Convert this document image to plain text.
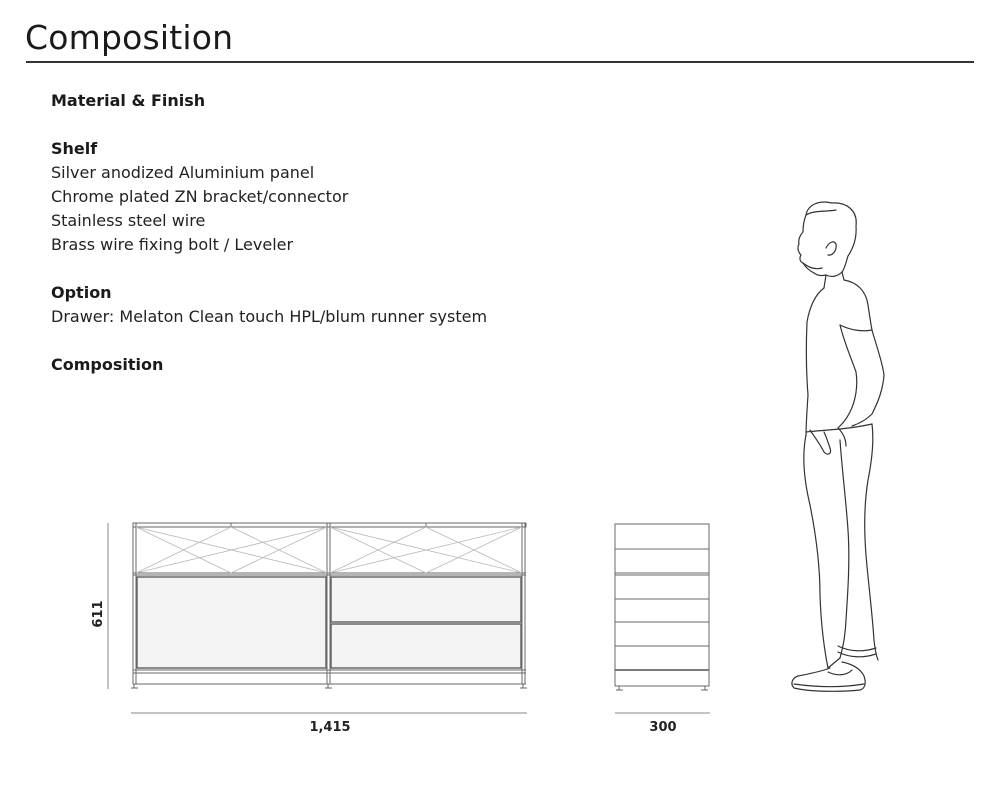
Composition
Material & Finish
Shelf
Silver anodized Aluminium panel
Chrome plated ZN bracket/connector
Stainless steel wire
Brass wire fixing bolt / Leveler
Option
Drawer: Melaton Clean touch HPL/blum runner system
Composition
611
1,415	300
